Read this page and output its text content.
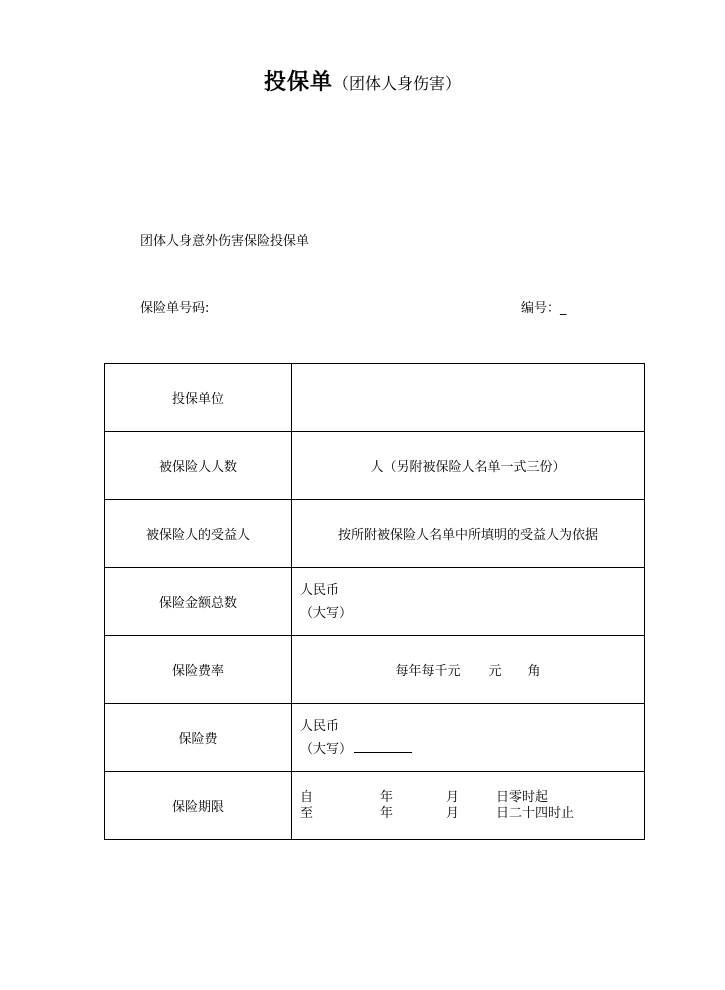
投保单（团体人身伤害）
团体人身意外伤害保险投保单
保险单号码:	编号：_
投保单位	
被保险人人数	人（另附被保险人名单一式三份）
被保险人的受益人	按所附被保险人名单中所填明的受益人为依据
保险金额总数	人民币
（大写）

保险费率	每年每千元 元 角
保险费	人民币
（大写）

保险期限	自 年 月 日零时起
至 年 月 日二十四时止
